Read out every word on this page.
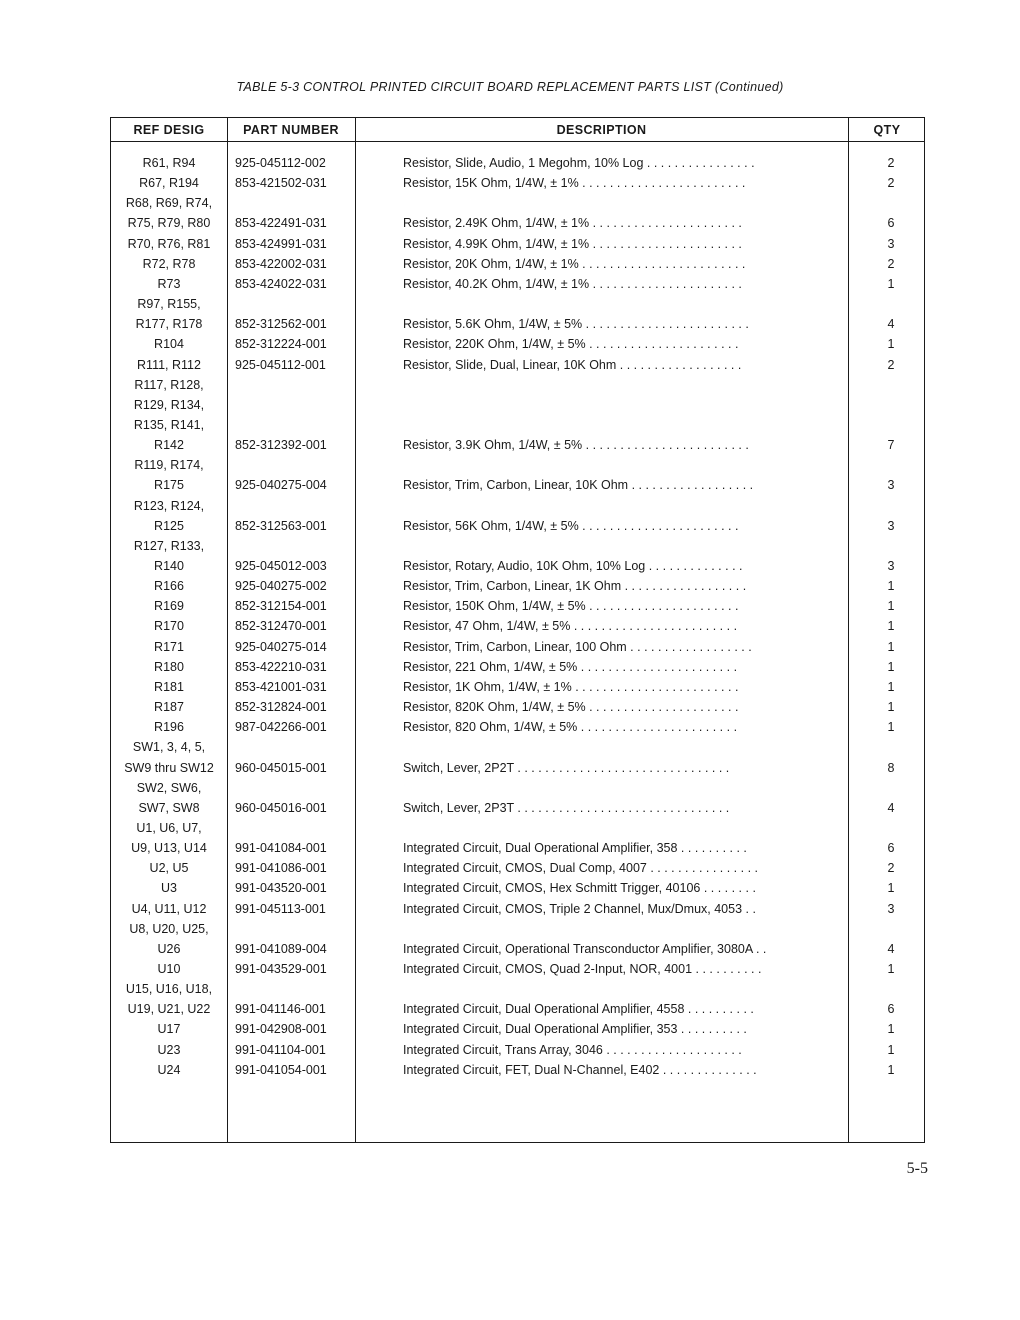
TABLE 5-3 CONTROL PRINTED CIRCUIT BOARD REPLACEMENT PARTS LIST (Continued)
REF DESIG	PART NUMBER	DESCRIPTION	QTY
R61, R94	925-045112-002	Resistor, Slide, Audio, 1 Megohm, 10% Log . . . . . . . . . . . . . . . .	2
R67, R194	853-421502-031	Resistor, 15K Ohm, 1/4W, ± 1% . . . . . . . . . . . . . . . . . . . . . . . .	2
R68, R69, R74,
R75, R79, R80	853-422491-031	Resistor, 2.49K Ohm, 1/4W, ± 1% . . . . . . . . . . . . . . . . . . . . . .	6
R70, R76, R81	853-424991-031	Resistor, 4.99K Ohm, 1/4W, ± 1% . . . . . . . . . . . . . . . . . . . . . .	3
R72, R78	853-422002-031	Resistor, 20K Ohm, 1/4W, ± 1% . . . . . . . . . . . . . . . . . . . . . . . .	2
R73	853-424022-031	Resistor, 40.2K Ohm, 1/4W, ± 1% . . . . . . . . . . . . . . . . . . . . . .	1
R97, R155,
R177, R178	852-312562-001	Resistor, 5.6K Ohm, 1/4W, ± 5% . . . . . . . . . . . . . . . . . . . . . . . .	4
R104	852-312224-001	Resistor, 220K Ohm, 1/4W, ± 5% . . . . . . . . . . . . . . . . . . . . . .	1
R111, R112	925-045112-001	Resistor, Slide, Dual, Linear, 10K Ohm . . . . . . . . . . . . . . . . . .	2
R117, R128,
R129, R134,
R135, R141,
R142	852-312392-001	Resistor, 3.9K Ohm, 1/4W, ± 5% . . . . . . . . . . . . . . . . . . . . . . . .	7
R119, R174,
R175	925-040275-004	Resistor, Trim, Carbon, Linear, 10K Ohm . . . . . . . . . . . . . . . . . .	3
R123, R124,
R125	852-312563-001	Resistor, 56K Ohm, 1/4W, ± 5% . . . . . . . . . . . . . . . . . . . . . . .	3
R127, R133,
R140	925-045012-003	Resistor, Rotary, Audio, 10K Ohm, 10% Log . . . . . . . . . . . . . .	3
R166	925-040275-002	Resistor, Trim, Carbon, Linear, 1K Ohm . . . . . . . . . . . . . . . . . .	1
R169	852-312154-001	Resistor, 150K Ohm, 1/4W, ± 5% . . . . . . . . . . . . . . . . . . . . . .	1
R170	852-312470-001	Resistor, 47 Ohm, 1/4W, ± 5% . . . . . . . . . . . . . . . . . . . . . . . .	1
R171	925-040275-014	Resistor, Trim, Carbon, Linear, 100 Ohm . . . . . . . . . . . . . . . . . .	1
R180	853-422210-031	Resistor, 221 Ohm, 1/4W, ± 5% . . . . . . . . . . . . . . . . . . . . . . .	1
R181	853-421001-031	Resistor, 1K Ohm, 1/4W, ± 1% . . . . . . . . . . . . . . . . . . . . . . . .	1
R187	852-312824-001	Resistor, 820K Ohm, 1/4W, ± 5% . . . . . . . . . . . . . . . . . . . . . .	1
R196	987-042266-001	Resistor, 820 Ohm, 1/4W, ± 5% . . . . . . . . . . . . . . . . . . . . . . .	1
SW1, 3, 4, 5,
SW9 thru SW12	960-045015-001	Switch, Lever, 2P2T . . . . . . . . . . . . . . . . . . . . . . . . . . . . . . .	8
SW2, SW6,
SW7, SW8	960-045016-001	Switch, Lever, 2P3T . . . . . . . . . . . . . . . . . . . . . . . . . . . . . . .	4
U1, U6, U7,
U9, U13, U14	991-041084-001	Integrated Circuit, Dual Operational Amplifier, 358 . . . . . . . . . .	6
U2, U5	991-041086-001	Integrated Circuit, CMOS, Dual Comp, 4007 . . . . . . . . . . . . . . . .	2
U3	991-043520-001	Integrated Circuit, CMOS, Hex Schmitt Trigger, 40106 . . . . . . . .	1
U4, U11, U12	991-045113-001	Integrated Circuit, CMOS, Triple 2 Channel, Mux/Dmux, 4053 . .	3
U8, U20, U25,
U26	991-041089-004	Integrated Circuit, Operational Transconductor Amplifier, 3080A . .	4
U10	991-043529-001	Integrated Circuit, CMOS, Quad 2-Input, NOR, 4001 . . . . . . . . . .	1
U15, U16, U18,
U19, U21, U22	991-041146-001	Integrated Circuit, Dual Operational Amplifier, 4558 . . . . . . . . . .	6
U17	991-042908-001	Integrated Circuit, Dual Operational Amplifier, 353 . . . . . . . . . .	1
U23	991-041104-001	Integrated Circuit, Trans Array, 3046 . . . . . . . . . . . . . . . . . . . .	1
U24	991-041054-001	Integrated Circuit, FET, Dual N-Channel, E402 . . . . . . . . . . . . . .	1
5-5
